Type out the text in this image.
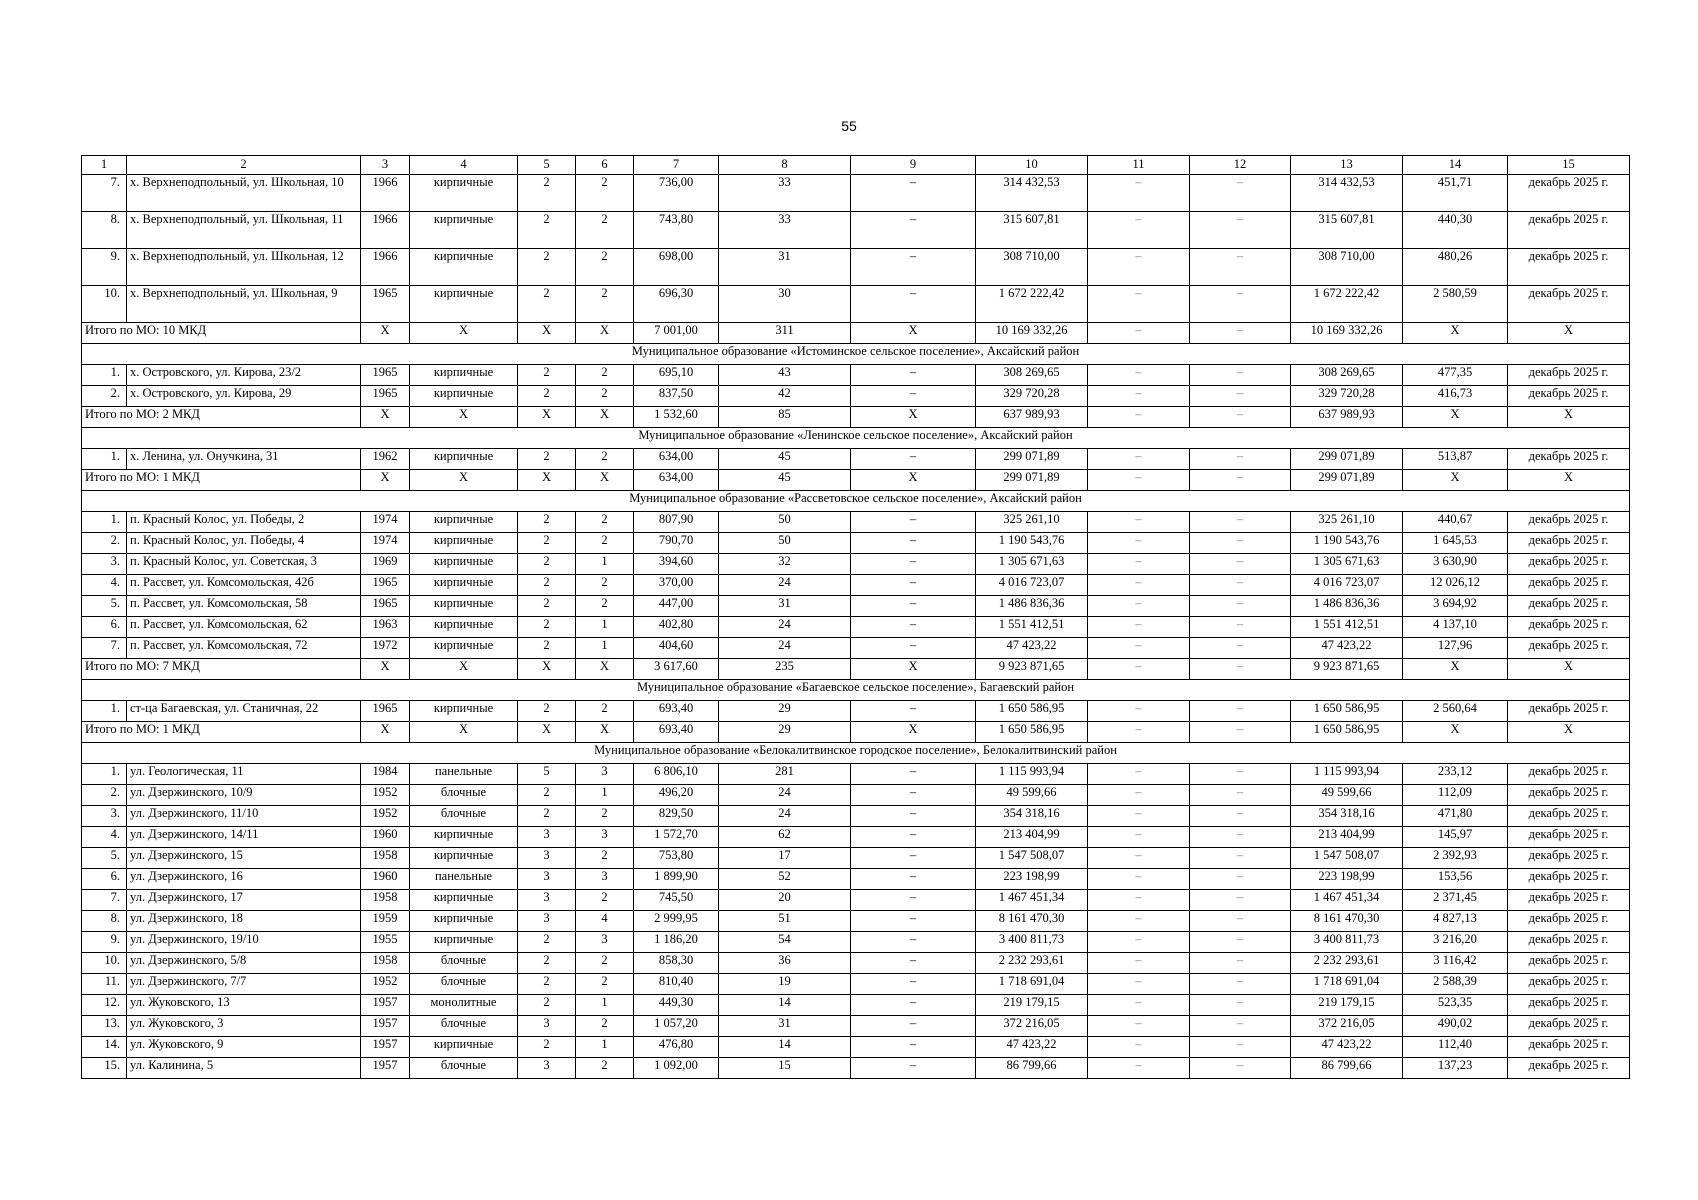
55
1	2	3	4	5	6	7	8	9	10	11	12	13	14	15
7.	х. Верхнеподпольный, ул. Школьная, 10	1966	кирпичные	2	2	736,00	33	–	314 432,53	–	–	314 432,53	451,71	декабрь 2025 г.
8.	х. Верхнеподпольный, ул. Школьная, 11	1966	кирпичные	2	2	743,80	33	–	315 607,81	–	–	315 607,81	440,30	декабрь 2025 г.
9.	х. Верхнеподпольный, ул. Школьная, 12	1966	кирпичные	2	2	698,00	31	–	308 710,00	–	–	308 710,00	480,26	декабрь 2025 г.
10.	х. Верхнеподпольный, ул. Школьная, 9	1965	кирпичные	2	2	696,30	30	–	1 672 222,42	–	–	1 672 222,42	2 580,59	декабрь 2025 г.
Итого по МО: 10 МКД		X	X	X	X	7 001,00	311	X	10 169 332,26	–	–	10 169 332,26	X	X
Муниципальное образование «Истоминское сельское поселение», Аксайский район														
1.	х. Островского, ул. Кирова, 23/2	1965	кирпичные	2	2	695,10	43	–	308 269,65	–	–	308 269,65	477,35	декабрь 2025 г.
2.	х. Островского, ул. Кирова, 29	1965	кирпичные	2	2	837,50	42	–	329 720,28	–	–	329 720,28	416,73	декабрь 2025 г.
Итого по МО: 2 МКД		X	X	X	X	1 532,60	85	X	637 989,93	–	–	637 989,93	X	X
Муниципальное образование «Ленинское сельское поселение», Аксайский район														
1.	х. Ленина, ул. Онучкина, 31	1962	кирпичные	2	2	634,00	45	–	299 071,89	–	–	299 071,89	513,87	декабрь 2025 г.
Итого по МО: 1 МКД		X	X	X	X	634,00	45	X	299 071,89	–	–	299 071,89	X	X
Муниципальное образование «Рассветовское сельское поселение», Аксайский район														
1.	п. Красный Колос, ул. Победы, 2	1974	кирпичные	2	2	807,90	50	–	325 261,10	–	–	325 261,10	440,67	декабрь 2025 г.
2.	п. Красный Колос, ул. Победы, 4	1974	кирпичные	2	2	790,70	50	–	1 190 543,76	–	–	1 190 543,76	1 645,53	декабрь 2025 г.
3.	п. Красный Колос, ул. Советская, 3	1969	кирпичные	2	1	394,60	32	–	1 305 671,63	–	–	1 305 671,63	3 630,90	декабрь 2025 г.
4.	п. Рассвет, ул. Комсомольская, 42б	1965	кирпичные	2	2	370,00	24	–	4 016 723,07	–	–	4 016 723,07	12 026,12	декабрь 2025 г.
5.	п. Рассвет, ул. Комсомольская, 58	1965	кирпичные	2	2	447,00	31	–	1 486 836,36	–	–	1 486 836,36	3 694,92	декабрь 2025 г.
6.	п. Рассвет, ул. Комсомольская, 62	1963	кирпичные	2	1	402,80	24	–	1 551 412,51	–	–	1 551 412,51	4 137,10	декабрь 2025 г.
7.	п. Рассвет, ул. Комсомольская, 72	1972	кирпичные	2	1	404,60	24	–	47 423,22	–	–	47 423,22	127,96	декабрь 2025 г.
Итого по МО: 7 МКД		X	X	X	X	3 617,60	235	X	9 923 871,65	–	–	9 923 871,65	X	X
Муниципальное образование «Багаевское сельское поселение», Багаевский район														
1.	ст-ца Багаевская, ул. Станичная, 22	1965	кирпичные	2	2	693,40	29	–	1 650 586,95	–	–	1 650 586,95	2 560,64	декабрь 2025 г.
Итого по МО: 1 МКД		X	X	X	X	693,40	29	X	1 650 586,95	–	–	1 650 586,95	X	X
Муниципальное образование «Белокалитвинское городское поселение», Белокалитвинский район														
1.	ул. Геологическая, 11	1984	панельные	5	3	6 806,10	281	–	1 115 993,94	–	–	1 115 993,94	233,12	декабрь 2025 г.
2.	ул. Дзержинского, 10/9	1952	блочные	2	1	496,20	24	–	49 599,66	–	–	49 599,66	112,09	декабрь 2025 г.
3.	ул. Дзержинского, 11/10	1952	блочные	2	2	829,50	24	–	354 318,16	–	–	354 318,16	471,80	декабрь 2025 г.
4.	ул. Дзержинского, 14/11	1960	кирпичные	3	3	1 572,70	62	–	213 404,99	–	–	213 404,99	145,97	декабрь 2025 г.
5.	ул. Дзержинского, 15	1958	кирпичные	3	2	753,80	17	–	1 547 508,07	–	–	1 547 508,07	2 392,93	декабрь 2025 г.
6.	ул. Дзержинского, 16	1960	панельные	3	3	1 899,90	52	–	223 198,99	–	–	223 198,99	153,56	декабрь 2025 г.
7.	ул. Дзержинского, 17	1958	кирпичные	3	2	745,50	20	–	1 467 451,34	–	–	1 467 451,34	2 371,45	декабрь 2025 г.
8.	ул. Дзержинского, 18	1959	кирпичные	3	4	2 999,95	51	–	8 161 470,30	–	–	8 161 470,30	4 827,13	декабрь 2025 г.
9.	ул. Дзержинского, 19/10	1955	кирпичные	2	3	1 186,20	54	–	3 400 811,73	–	–	3 400 811,73	3 216,20	декабрь 2025 г.
10.	ул. Дзержинского, 5/8	1958	блочные	2	2	858,30	36	–	2 232 293,61	–	–	2 232 293,61	3 116,42	декабрь 2025 г.
11.	ул. Дзержинского, 7/7	1952	блочные	2	2	810,40	19	–	1 718 691,04	–	–	1 718 691,04	2 588,39	декабрь 2025 г.
12.	ул. Жуковского, 13	1957	монолитные	2	1	449,30	14	–	219 179,15	–	–	219 179,15	523,35	декабрь 2025 г.
13.	ул. Жуковского, 3	1957	блочные	3	2	1 057,20	31	–	372 216,05	–	–	372 216,05	490,02	декабрь 2025 г.
14.	ул. Жуковского, 9	1957	кирпичные	2	1	476,80	14	–	47 423,22	–	–	47 423,22	112,40	декабрь 2025 г.
15.	ул. Калинина, 5	1957	блочные	3	2	1 092,00	15	–	86 799,66	–	–	86 799,66	137,23	декабрь 2025 г.
